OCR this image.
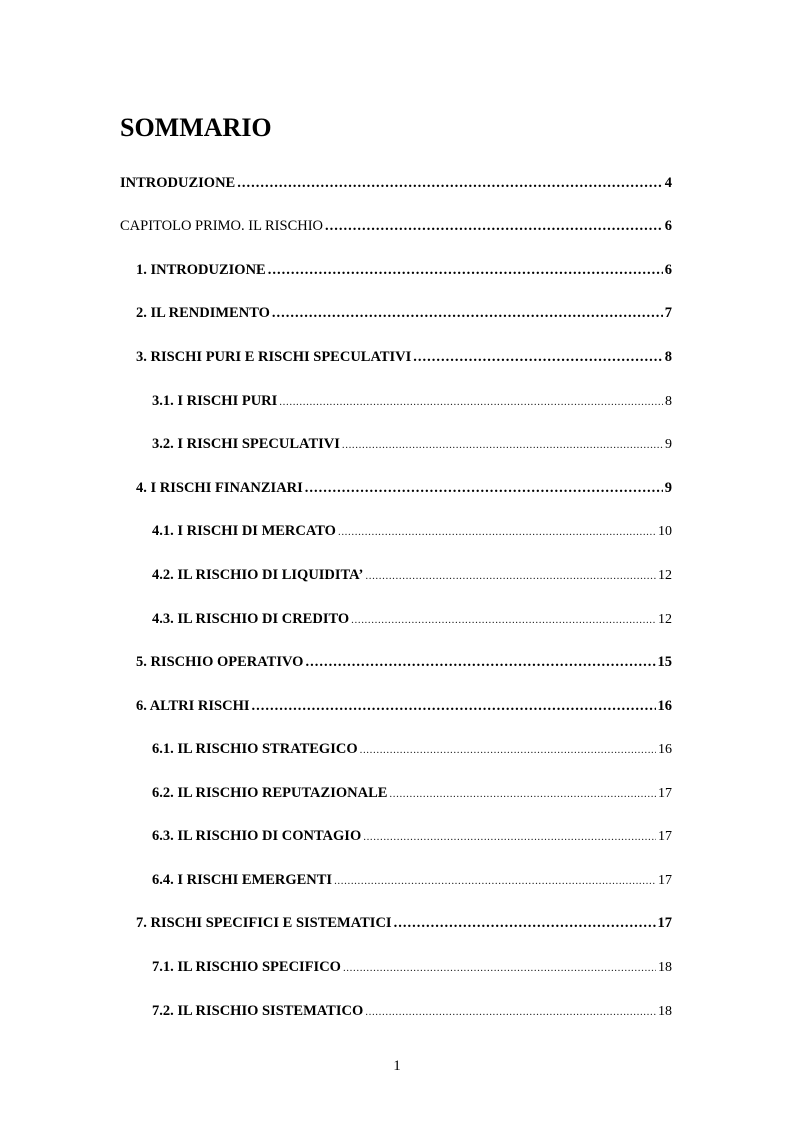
SOMMARIO
INTRODUZIONE .....	4
CAPITOLO PRIMO. IL RISCHIO .....	6
1. INTRODUZIONE .....	6
2. IL RENDIMENTO .....	7
3. RISCHI PURI E RISCHI SPECULATIVI .....	8
3.1. I RISCHI PURI .....	8
3.2. I RISCHI SPECULATIVI .....	9
4. I RISCHI FINANZIARI .....	9
4.1. I RISCHI DI MERCATO .....	10
4.2. IL RISCHIO DI LIQUIDITA’ .....	12
4.3. IL RISCHIO DI CREDITO .....	12
5. RISCHIO OPERATIVO .....	15
6. ALTRI RISCHI .....	16
6.1. IL RISCHIO STRATEGICO .....	16
6.2. IL RISCHIO REPUTAZIONALE .....	17
6.3. IL RISCHIO DI CONTAGIO .....	17
6.4. I RISCHI EMERGENTI .....	17
7. RISCHI SPECIFICI E SISTEMATICI .....	17
7.1. IL RISCHIO SPECIFICO .....	18
7.2. IL RISCHIO SISTEMATICO .....	18
1
